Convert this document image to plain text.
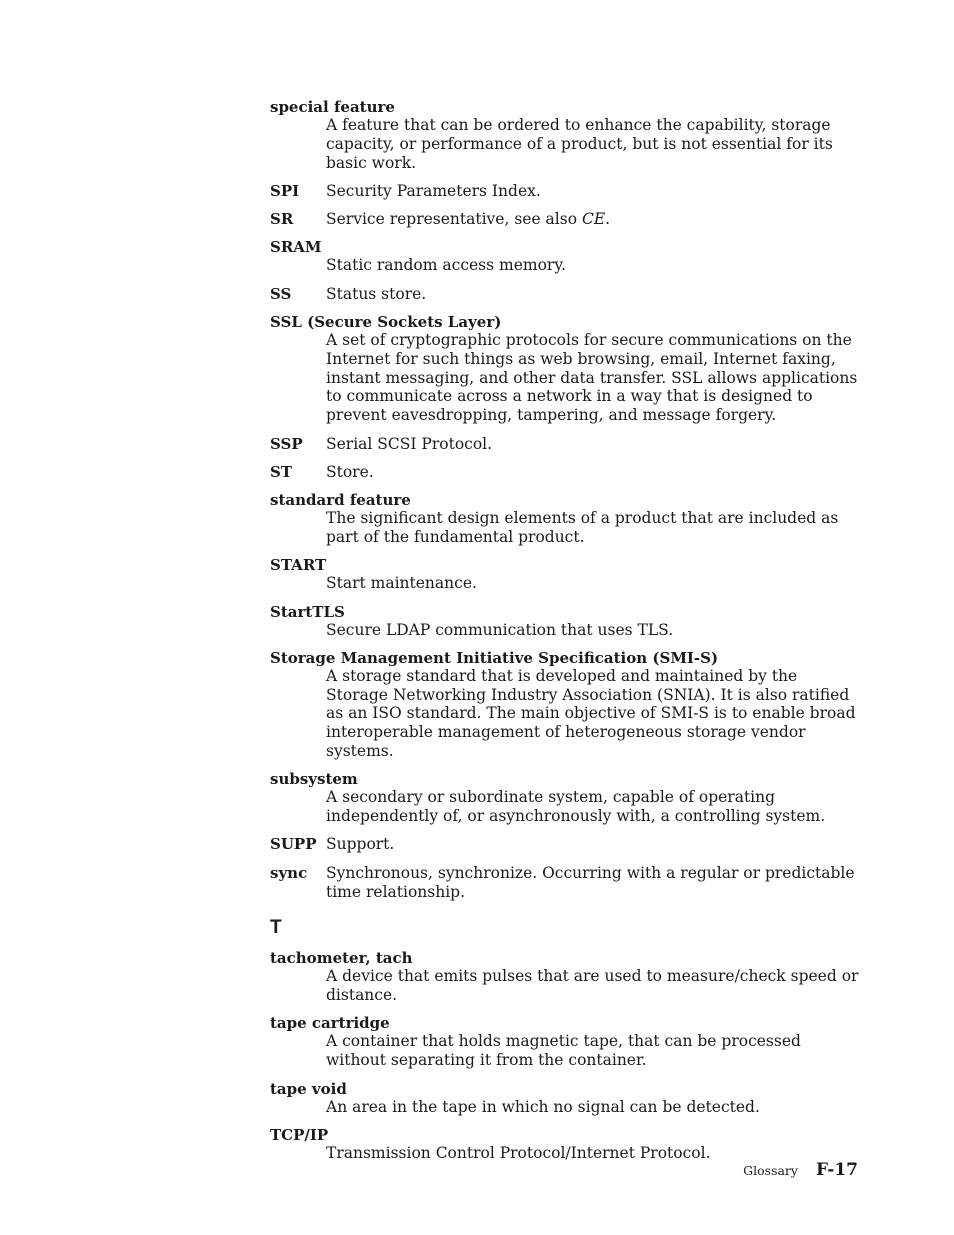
special feature
A feature that can be ordered to enhance the capability, storage capacity, or performance of a product, but is not essential for its basic work.
SPI	Security Parameters Index.
SR	Service representative, see also CE.
SRAM
Static random access memory.
SS	Status store.
SSL (Secure Sockets Layer)
A set of cryptographic protocols for secure communications on the Internet for such things as web browsing, email, Internet faxing, instant messaging, and other data transfer. SSL allows applications to communicate across a network in a way that is designed to prevent eavesdropping, tampering, and message forgery.
SSP	Serial SCSI Protocol.
ST	Store.
standard feature
The significant design elements of a product that are included as part of the fundamental product.
START
Start maintenance.
StartTLS
Secure LDAP communication that uses TLS.
Storage Management Initiative Specification (SMI-S)
A storage standard that is developed and maintained by the Storage Networking Industry Association (SNIA). It is also ratified as an ISO standard. The main objective of SMI-S is to enable broad interoperable management of heterogeneous storage vendor systems.
subsystem
A secondary or subordinate system, capable of operating independently of, or asynchronously with, a controlling system.
SUPP Support.
sync	Synchronous, synchronize. Occurring with a regular or predictable time relationship.
T
tachometer, tach
A device that emits pulses that are used to measure/check speed or distance.
tape cartridge
A container that holds magnetic tape, that can be processed without separating it from the container.
tape void
An area in the tape in which no signal can be detected.
TCP/IP
Transmission Control Protocol/Internet Protocol.
Glossary F-17
